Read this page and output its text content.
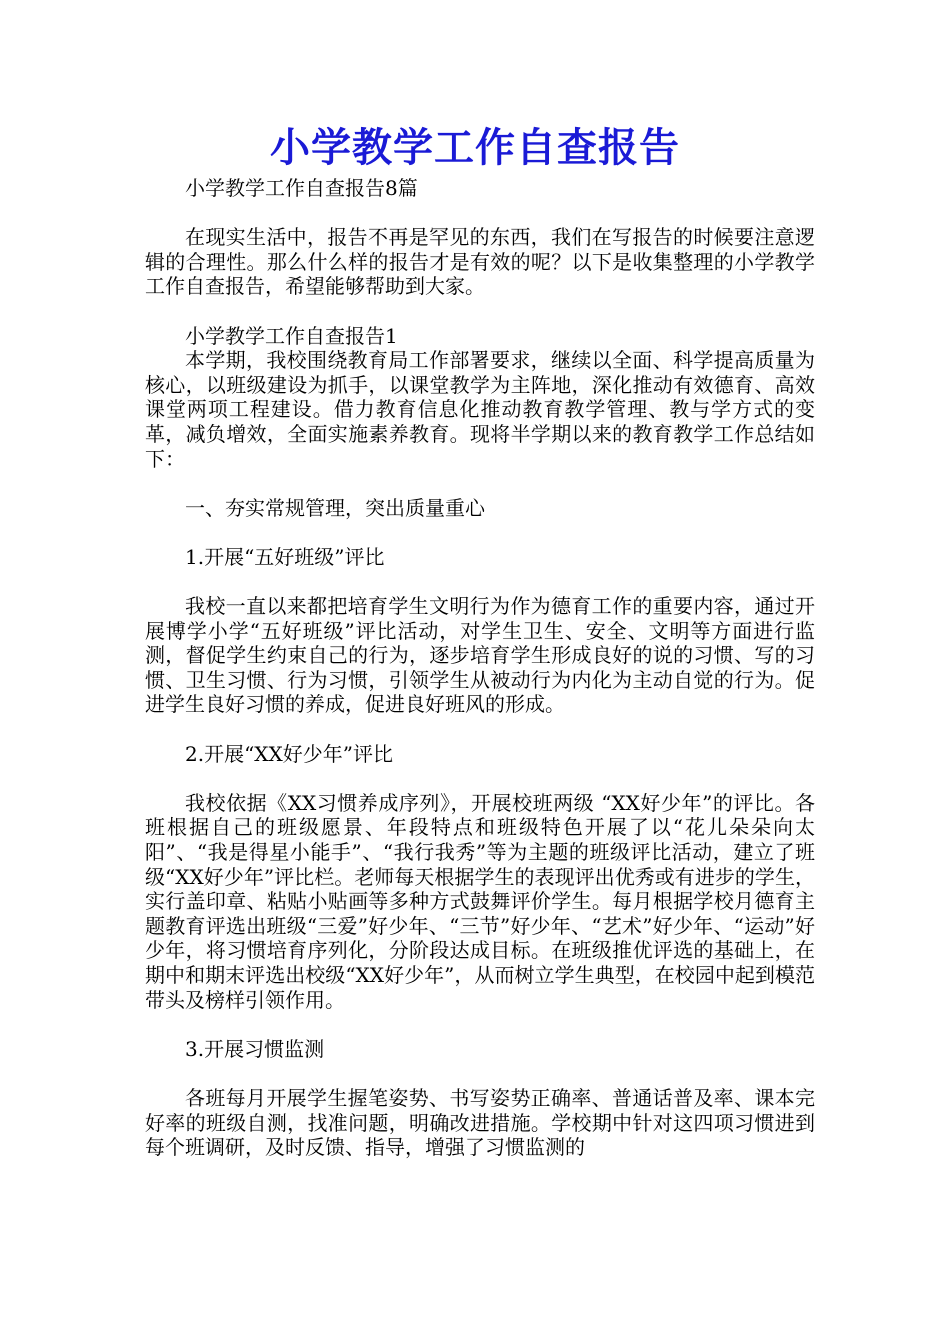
小学教学工作自查报告

小学教学工作自查报告8篇

在现实生活中，报告不再是罕见的东西，我们在写报告的时候要注意逻辑的合理性。那么什么样的报告才是有效的呢？以下是收集整理的小学教学工作自查报告，希望能够帮助到大家。

小学教学工作自查报告1

本学期，我校围绕教育局工作部署要求，继续以全面、科学提高质量为核心，以班级建设为抓手，以课堂教学为主阵地，深化推动有效德育、高效课堂两项工程建设。借力教育信息化推动教育教学管理、教与学方式的变革，减负增效，全面实施素养教育。现将半学期以来的教育教学工作总结如下：

一、夯实常规管理，突出质量重心

1.开展“五好班级”评比

我校一直以来都把培育学生文明行为作为德育工作的重要内容，通过开展博学小学“五好班级”评比活动，对学生卫生、安全、文明等方面进行监测，督促学生约束自己的行为，逐步培育学生形成良好的说的习惯、写的习惯、卫生习惯、行为习惯，引领学生从被动行为内化为主动自觉的行为。促进学生良好习惯的养成，促进良好班风的形成。

2.开展“XX好少年”评比

我校依据《XX习惯养成序列》，开展校班两级 “XX好少年”的评比。各班根据自己的班级愿景、年段特点和班级特色开展了以“花儿朵朵向太阳”、“我是得星小能手”、“我行我秀”等为主题的班级评比活动，建立了班级“XX好少年”评比栏。老师每天根据学生的表现评出优秀或有进步的学生，实行盖印章、粘贴小贴画等多种方式鼓舞评价学生。每月根据学校月德育主题教育评选出班级“三爱”好少年、“三节”好少年、“艺术”好少年、“运动”好少年，将习惯培育序列化，分阶段达成目标。在班级推优评选的基础上，在期中和期末评选出校级“XX好少年”，从而树立学生典型，在校园中起到模范带头及榜样引领作用。

3.开展习惯监测

各班每月开展学生握笔姿势、书写姿势正确率、普通话普及率、课本完好率的班级自测，找准问题，明确改进措施。学校期中针对这四项习惯进到每个班调研，及时反馈、指导，增强了习惯监测的
